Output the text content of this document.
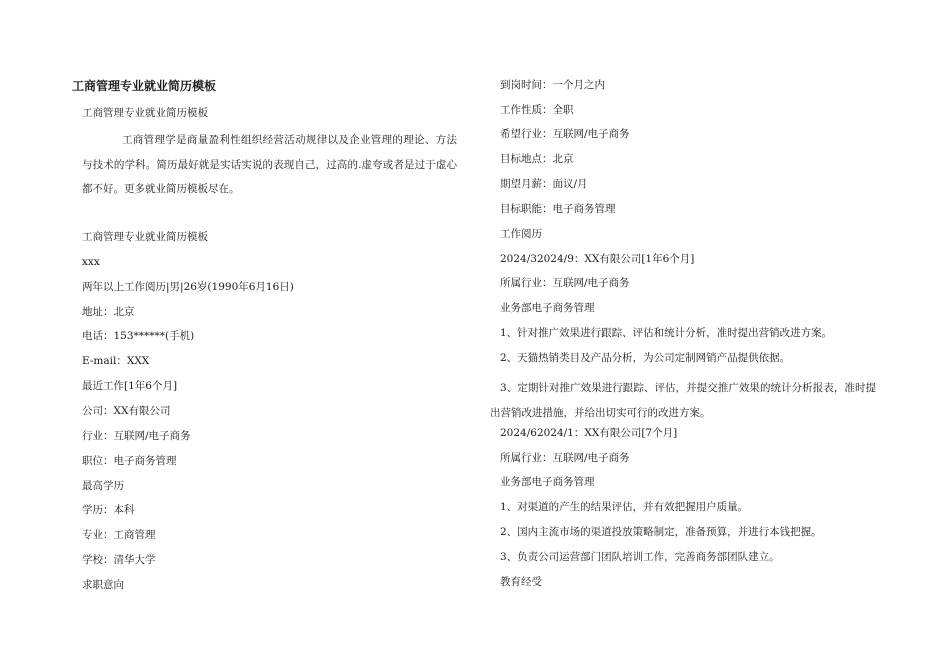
工商管理专业就业简历模板
工商管理专业就业简历模板
工商管理学是商量盈利性组织经营活动规律以及企业管理的理论、方法与技术的学科。简历最好就是实话实说的表现自己，过高的.虚夸或者是过于虚心都不好。更多就业简历模板尽在。
工商管理专业就业简历模板
xxx
两年以上工作阅历|男|26岁(1990年6月16日)
地址：北京
电话：153******(手机)
E-mail：XXX
最近工作[1年6个月]
公司：XX有限公司
行业：互联网/电子商务
职位：电子商务管理
最高学历
学历：本科
专业：工商管理
学校：清华大学
求职意向
到岗时间：一个月之内
工作性质：全职
希望行业：互联网/电子商务
目标地点：北京
期望月薪：面议/月
目标职能：电子商务管理
工作阅历
2024/32024/9：XX有限公司[1年6个月]
所属行业：互联网/电子商务
业务部电子商务管理
1、针对推广效果进行跟踪、评估和统计分析，准时提出营销改进方案。
2、天猫热销类目及产品分析，为公司定制网销产品提供依据。
3、定期针对推广效果进行跟踪、评估，并提交推广效果的统计分析报表，准时提出营销改进措施，并给出切实可行的改进方案。
2024/62024/1：XX有限公司[7个月]
所属行业：互联网/电子商务
业务部电子商务管理
1、对渠道的产生的结果评估，并有效把握用户质量。
2、国内主流市场的渠道投放策略制定，准备预算，并进行本钱把握。
3、负责公司运营部门团队培训工作，完善商务部团队建立。
教育经受
